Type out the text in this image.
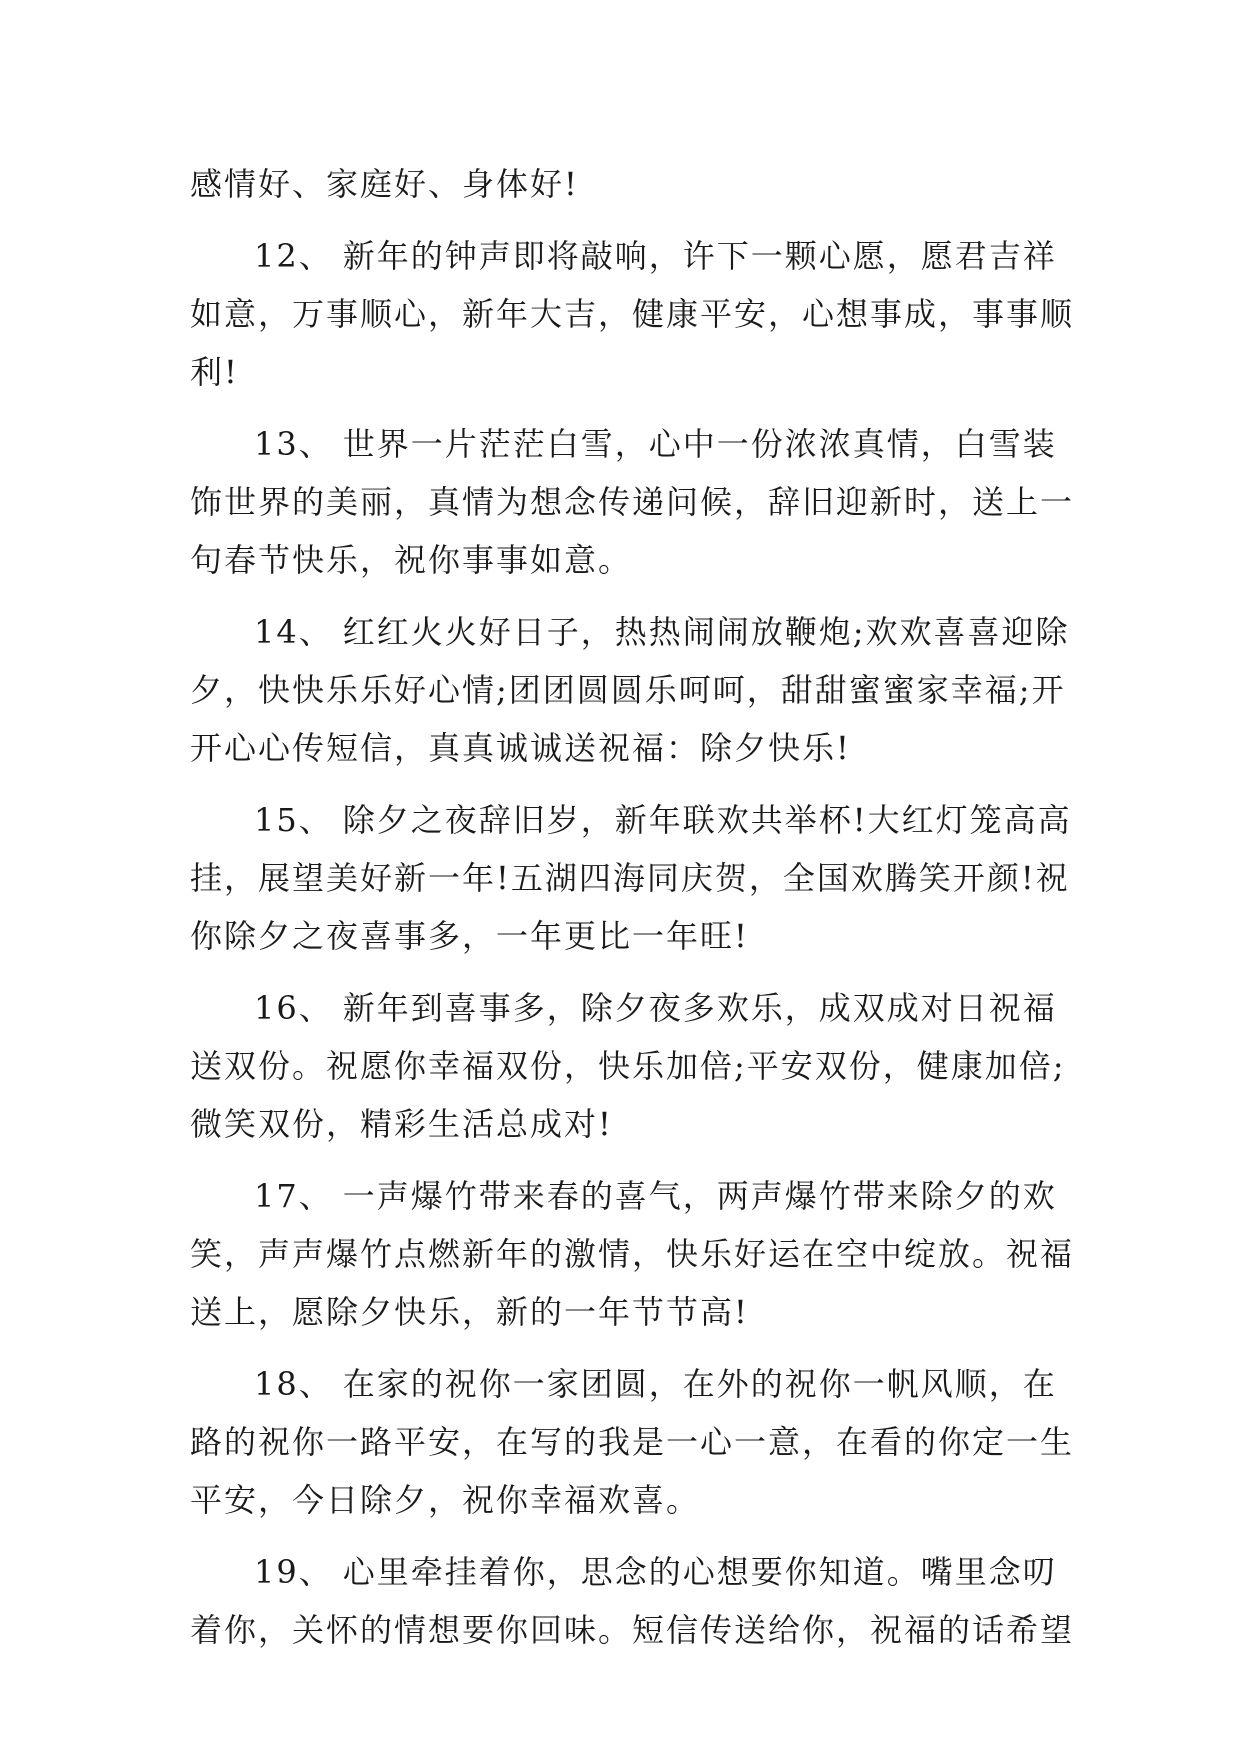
感情好、家庭好、身体好!
12、 新年的钟声即将敲响，许下一颗心愿，愿君吉祥
如意，万事顺心，新年大吉，健康平安，心想事成，事事顺
利!
13、 世界一片茫茫白雪，心中一份浓浓真情，白雪装
饰世界的美丽，真情为想念传递问候，辞旧迎新时，送上一
句春节快乐，祝你事事如意。
14、 红红火火好日子，热热闹闹放鞭炮;欢欢喜喜迎除
夕，快快乐乐好心情;团团圆圆乐呵呵，甜甜蜜蜜家幸福;开
开心心传短信，真真诚诚送祝福：除夕快乐!
15、 除夕之夜辞旧岁，新年联欢共举杯!大红灯笼高高
挂，展望美好新一年!五湖四海同庆贺，全国欢腾笑开颜!祝
你除夕之夜喜事多，一年更比一年旺!
16、 新年到喜事多，除夕夜多欢乐，成双成对日祝福
送双份。祝愿你幸福双份，快乐加倍;平安双份，健康加倍;
微笑双份，精彩生活总成对!
17、 一声爆竹带来春的喜气，两声爆竹带来除夕的欢
笑，声声爆竹点燃新年的激情，快乐好运在空中绽放。祝福
送上，愿除夕快乐，新的一年节节高!
18、 在家的祝你一家团圆，在外的祝你一帆风顺，在
路的祝你一路平安，在写的我是一心一意，在看的你定一生
平安，今日除夕，祝你幸福欢喜。
19、 心里牵挂着你，思念的心想要你知道。嘴里念叨
着你，关怀的情想要你回味。短信传送给你，祝福的话希望
